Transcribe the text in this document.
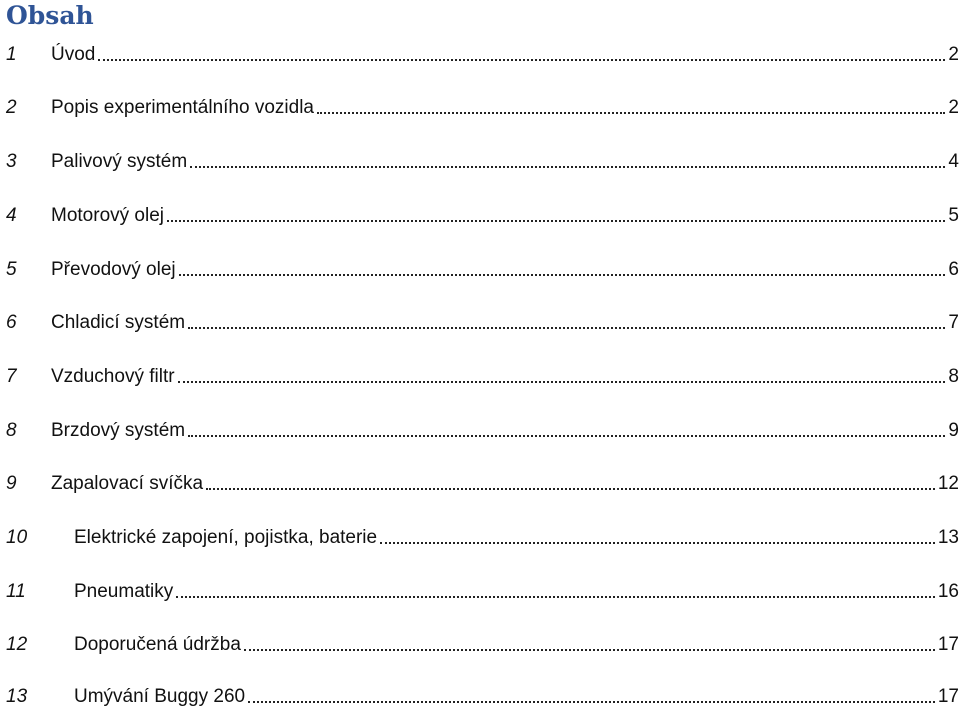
Obsah
1	Úvod	2
2	Popis experimentálního vozidla	2
3	Palivový systém	4
4	Motorový olej	5
5	Převodový olej	6
6	Chladicí systém	7
7	Vzduchový filtr	8
8	Brzdový systém	9
9	Zapalovací svíčka	12
10	Elektrické zapojení, pojistka, baterie	13
11	Pneumatiky	16
12	Doporučená údržba	17
13	Umývání Buggy 260	17
